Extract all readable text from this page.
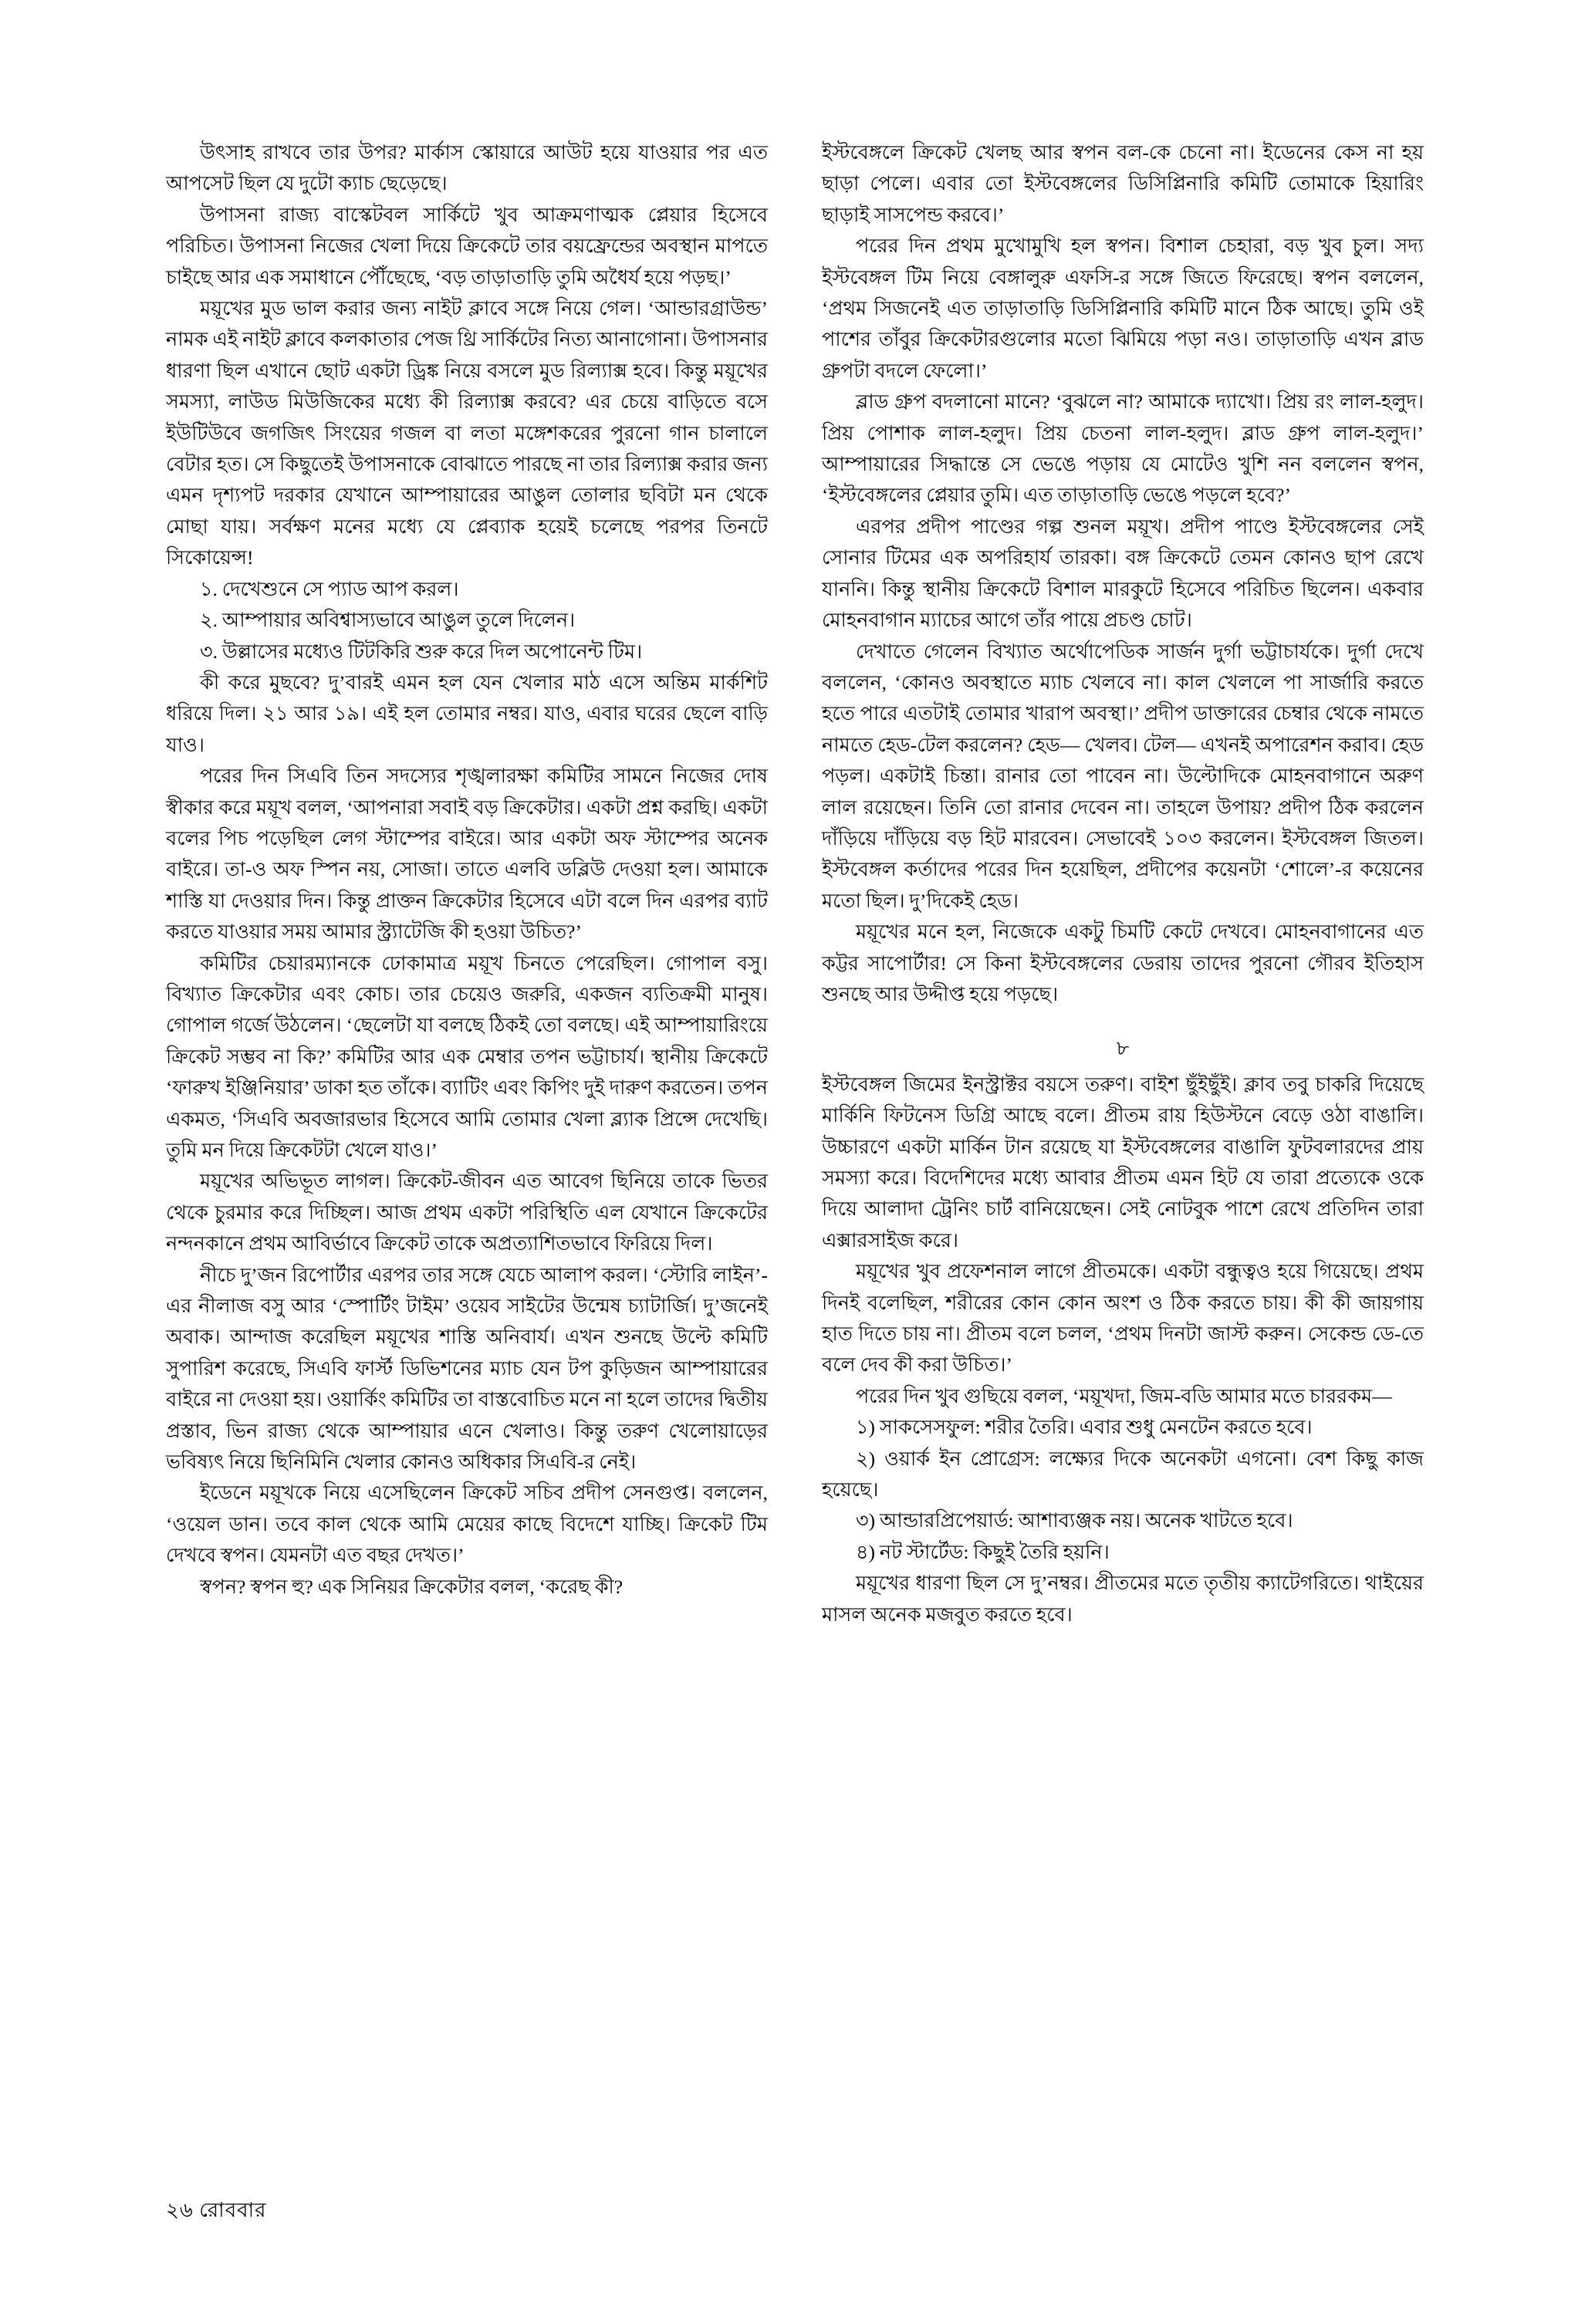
উৎসাহ রাখবে তার উপর? মার্কাস স্কোয়ারে আউট হয়ে যাওয়ার পর এত আপসেট ছিল যে দুটো ক্যাচ ছেড়েছে।

উপাসনা রাজ্য বাস্কেটবল সার্কিটে খুব আক্রমণাত্মক প্লেয়ার হিসেবে পরিচিত। উপাসনা নিজের খেলা দিয়ে ক্রিকেটে তার বয়ফ্রেন্ডের অবস্থান মাপতে চাইছে আর এক সমাধানে পৌঁছেছে, ‘বড় তাড়াতাড়ি তুমি অধৈর্য হয়ে পড়ছ।’

ময়ূখের মুড ভাল করার জন্য নাইট ক্লাবে সঙ্গে নিয়ে গেল। ‘আন্ডারগ্রাউন্ড’ নামক এই নাইট ক্লাবে কলকাতার পেজ থ্রি সার্কিটের নিত্য আনাগোনা। উপাসনার ধারণা ছিল এখানে ছোট একটা ড্রিঙ্ক নিয়ে বসলে মুড রিল্যাক্স হবে। কিন্তু ময়ূখের সমস্যা, লাউড মিউজিকের মধ্যে কী রিল্যাক্স করবে? এর চেয়ে বাড়িতে বসে ইউটিউবে জগজিৎ সিংয়ের গজল বা লতা মঙ্গেশকরের পুরনো গান চালালে বেটার হত। সে কিছুতেই উপাসনাকে বোঝাতে পারছে না তার রিল্যাক্স করার জন্য এমন দৃশ্যপট দরকার যেখানে আম্পায়ারের আঙুল তোলার ছবিটা মন থেকে মোছা যায়। সর্বক্ষণ মনের মধ্যে যে প্লেব্যাক হয়েই চলেছে পরপর তিনটে সিকোয়েন্স!

১. দেখেশুনে সে প্যাড আপ করল।

২. আম্পায়ার অবিশ্বাস্যভাবে আঙুল তুলে দিলেন।

৩. উল্লাসের মধ্যেও টিটকিরি শুরু করে দিল অপোনেন্ট টিম।

কী করে মুছবে? দু’বারই এমন হল যেন খেলার মাঠ এসে অন্তিম মার্কশিট ধরিয়ে দিল। ২১ আর ১৯। এই হল তোমার নম্বর। যাও, এবার ঘরের ছেলে বাড়ি যাও।

পরের দিন সিএবি তিন সদস্যের শৃঙ্খলারক্ষা কমিটির সামনে নিজের দোষ স্বীকার করে ময়ূখ বলল, ‘আপনারা সবাই বড় ক্রিকেটার। একটা প্রশ্ন করছি। একটা বলের পিচ পড়েছিল লেগ স্টাম্পের বাইরে। আর একটা অফ স্টাম্পের অনেক বাইরে। তা-ও অফ স্পিন নয়, সোজা। তাতে এলবি ডব্লিউ দেওয়া হল। আমাকে শাস্তি যা দেওয়ার দিন। কিন্তু প্রাক্তন ক্রিকেটার হিসেবে এটা বলে দিন এরপর ব্যাট করতে যাওয়ার সময় আমার স্ট্র্যাটেজি কী হওয়া উচিত?’

কমিটির চেয়ারম্যানকে ঢোকামাত্র ময়ূখ চিনতে পেরেছিল। গোপাল বসু। বিখ্যাত ক্রিকেটার এবং কোচ। তার চেয়েও জরুরি, একজন ব্যতিক্রমী মানুষ। গোপাল গর্জে উঠলেন। ‘ছেলেটা যা বলছে ঠিকই তো বলছে। এই আম্পায়ারিংয়ে ক্রিকেট সম্ভব না কি?’ কমিটির আর এক মেম্বার তপন ভট্টাচার্য। স্থানীয় ক্রিকেটে ‘ফারুখ ইঞ্জিনিয়ার’ ডাকা হত তাঁকে। ব্যাটিং এবং কিপিং দুই দারুণ করতেন। তপন একমত, ‘সিএবি অবজারভার হিসেবে আমি তোমার খেলা ব্ল্যাক প্রিন্সে দেখেছি। তুমি মন দিয়ে ক্রিকেটটা খেলে যাও।’

ময়ূখের অভিভূত লাগল। ক্রিকেট-জীবন এত আবেগ ছিনিয়ে তাকে ভিতর থেকে চুরমার করে দিচ্ছিল। আজ প্রথম একটা পরিস্থিতি এল যেখানে ক্রিকেটের নন্দনকানে প্রথম আবির্ভাবে ক্রিকেট তাকে অপ্রত্যাশিতভাবে ফিরিয়ে দিল।

নীচে দু’জন রিপোর্টার এরপর তার সঙ্গে যেচে আলাপ করল। ‘স্টোরি লাইন’-এর নীলাজ বসু আর ‘স্পোর্টিং টাইম’ ওয়েব সাইটের উন্মেষ চ্যাটার্জি। দু’জনেই অবাক। আন্দাজ করেছিল ময়ূখের শাস্তি অনিবার্য। এখন শুনছে উল্টে কমিটি সুপারিশ করেছে, সিএবি ফার্স্ট ডিভিশনের ম্যাচ যেন টপ কুড়িজন আম্পায়ারের বাইরে না দেওয়া হয়। ওয়ার্কিং কমিটির তা বাস্তবোচিত মনে না হলে তাদের দ্বিতীয় প্রস্তাব, ভিন রাজ্য থেকে আম্পায়ার এনে খেলাও। কিন্তু তরুণ খেলোয়াড়ের ভবিষ্যৎ নিয়ে ছিনিমিনি খেলার কোনও অধিকার সিএবি-র নেই।

ইডেনে ময়ূখকে নিয়ে এসেছিলেন ক্রিকেট সচিব প্রদীপ সেনগুপ্ত। বললেন, ‘ওয়েল ডান। তবে কাল থেকে আমি মেয়ের কাছে বিদেশে যাচ্ছি। ক্রিকেট টিম দেখবে স্বপন। যেমনটা এত বছর দেখত।’

স্বপন? স্বপন হু? এক সিনিয়র ক্রিকেটার বলল, ‘করেছ কী?

ইস্টবেঙ্গলে ক্রিকেট খেলছ আর স্বপন বল-কে চেনো না। ইডেনের কেস না হয় ছাড়া পেলে। এবার তো ইস্টবেঙ্গলের ডিসিপ্লিনারি কমিটি তোমাকে হিয়ারিং ছাড়াই সাসপেন্ড করবে।’

পরের দিন প্রথম মুখোমুখি হল স্বপন। বিশাল চেহারা, বড় খুব চুল। সদ্য ইস্টবেঙ্গল টিম নিয়ে বেঙ্গালুরু এফসি-র সঙ্গে জিতে ফিরেছে। স্বপন বললেন, ‘প্রথম সিজনেই এত তাড়াতাড়ি ডিসিপ্লিনারি কমিটি মানে ঠিক আছে। তুমি ওই পাশের তাঁবুর ক্রিকেটারগুলোর মতো ঝিমিয়ে পড়া নও। তাড়াতাড়ি এখন ব্লাড গ্রুপটা বদলে ফেলো।’

ব্লাড গ্রুপ বদলানো মানে? ‘বুঝলে না? আমাকে দ্যাখো। প্রিয় রং লাল-হলুদ। প্রিয় পোশাক লাল-হলুদ। প্রিয় চেতনা লাল-হলুদ। ব্লাড গ্রুপ লাল-হলুদ।’ আম্পায়ারের সিদ্ধান্তে সে ভেঙে পড়ায় যে মোটেও খুশি নন বললেন স্বপন, ‘ইস্টবেঙ্গলের প্লেয়ার তুমি। এত তাড়াতাড়ি ভেঙে পড়লে হবে?’

এরপর প্রদীপ পাণ্ডের গল্প শুনল ময়ূখ। প্রদীপ পাণ্ডে ইস্টবেঙ্গলের সেই সোনার টিমের এক অপরিহার্য তারকা। বঙ্গ ক্রিকেটে তেমন কোনও ছাপ রেখে যাননি। কিন্তু স্থানীয় ক্রিকেটে বিশাল মারকুটে হিসেবে পরিচিত ছিলেন। একবার মোহনবাগান ম্যাচের আগে তাঁর পায়ে প্রচণ্ড চোট।

দেখাতে গেলেন বিখ্যাত অর্থোপেডিক সার্জন দুর্গা ভট্টাচার্যকে। দুর্গা দেখে বললেন, ‘কোনও অবস্থাতে ম্যাচ খেলবে না। কাল খেললে পা সার্জারি করতে হতে পারে এতটাই তোমার খারাপ অবস্থা।’ প্রদীপ ডাক্তারের চেম্বার থেকে নামতে নামতে হেড-টেল করলেন? হেড— খেলব। টেল— এখনই অপারেশন করাব। হেড পড়ল। একটাই চিন্তা। রানার তো পাবেন না। উল্টোদিকে মোহনবাগানে অরুণ লাল রয়েছেন। তিনি তো রানার দেবেন না। তাহলে উপায়? প্রদীপ ঠিক করলেন দাঁড়িয়ে দাঁড়িয়ে বড় হিট মারবেন। সেভাবেই ১০৩ করলেন। ইস্টবেঙ্গল জিতল। ইস্টবেঙ্গল কর্তাদের পরের দিন হয়েছিল, প্রদীপের কয়েনটা ‘শোলে’-র কয়েনের মতো ছিল। দু’দিকেই হেড।

ময়ূখের মনে হল, নিজেকে একটু চিমটি কেটে দেখবে। মোহনবাগানের এত কট্টর সাপোর্টার! সে কিনা ইস্টবেঙ্গলের ডেরায় তাদের পুরনো গৌরব ইতিহাস শুনছে আর উদ্দীপ্ত হয়ে পড়ছে।

৮

ইস্টবেঙ্গল জিমের ইনস্ট্রাক্টর বয়সে তরুণ। বাইশ ছুঁইছুঁই। ক্লাব তবু চাকরি দিয়েছে মার্কিনি ফিটনেস ডিগ্রি আছে বলে। প্রীতম রায় হিউস্টনে বেড়ে ওঠা বাঙালি। উচ্চারণে একটা মার্কিন টান রয়েছে যা ইস্টবেঙ্গলের বাঙালি ফুটবলারদের প্রায় সমস্যা করে। বিদেশিদের মধ্যে আবার প্রীতম এমন হিট যে তারা প্রত্যেকে ওকে দিয়ে আলাদা ট্রেনিং চার্ট বানিয়েছেন। সেই নোটবুক পাশে রেখে প্রতিদিন তারা এক্সারসাইজ করে।

ময়ূখের খুব প্রফেশনাল লাগে প্রীতমকে। একটা বন্ধুত্বও হয়ে গিয়েছে। প্রথম দিনই বলেছিল, শরীরের কোন কোন অংশ ও ঠিক করতে চায়। কী কী জায়গায় হাত দিতে চায় না। প্রীতম বলে চলল, ‘প্রথম দিনটা জাস্ট করুন। সেকেন্ড ডে-তে বলে দেব কী করা উচিত।’

পরের দিন খুব গুছিয়ে বলল, ‘ময়ূখদা, জিম-বডি আমার মতে চাররকম—

১) সাকসেসফুল: শরীর তৈরি। এবার শুধু মেনটেন করতে হবে।

২) ওয়ার্ক ইন প্রোগ্রেস: লক্ষ্যের দিকে অনেকটা এগনো। বেশ কিছু কাজ হয়েছে।

৩) আন্ডারপ্রিপেয়ার্ড: আশাব্যঞ্জক নয়। অনেক খাটতে হবে।

৪) নট স্টার্টেড: কিছুই তৈরি হয়নি।

ময়ূখের ধারণা ছিল সে দু’নম্বর। প্রীতমের মতে তৃতীয় ক্যাটেগরিতে। থাইয়ের মাসল অনেক মজবুত করতে হবে।

২৬ রোববার
